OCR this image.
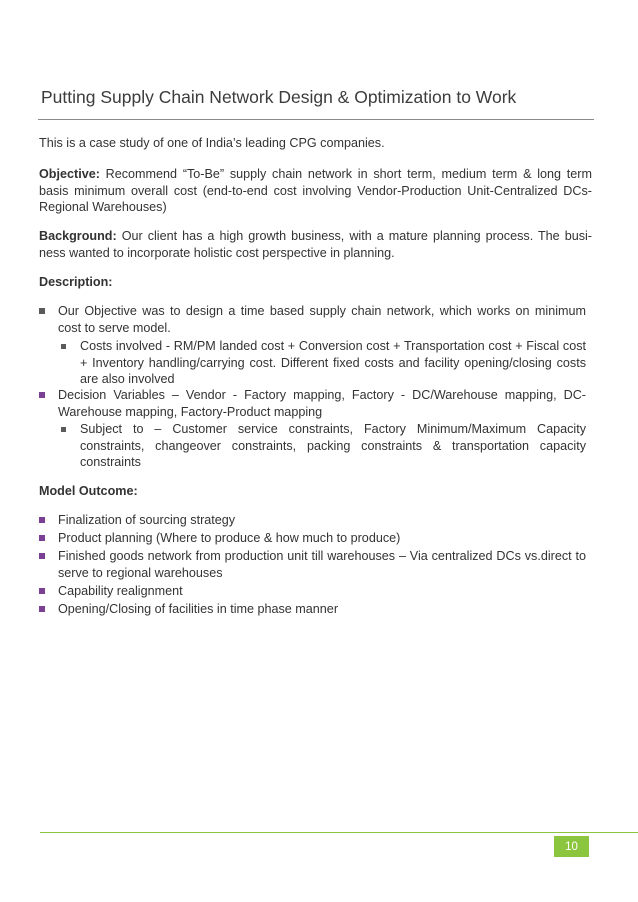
Putting Supply Chain Network Design & Optimization to Work
This is a case study of one of India’s leading CPG companies.
Objective: Recommend “To-Be” supply chain network in short term, medium term & long term basis minimum overall cost (end-to-end cost involving Vendor-Production Unit-Centralized DCs-Regional Warehouses)
Background: Our client has a high growth business, with a mature planning process. The busi-ness wanted to incorporate holistic cost perspective in planning.
Description:
Our Objective was to design a time based supply chain network, which works on minimum cost to serve model.
Costs involved - RM/PM landed cost + Conversion cost + Transportation cost + Fiscal cost + Inventory handling/carrying cost. Different fixed costs and facility opening/closing costs are also involved
Decision Variables – Vendor - Factory mapping, Factory - DC/Warehouse mapping, DC-Warehouse mapping, Factory-Product mapping
Subject to – Customer service constraints, Factory Minimum/Maximum Capacity constraints, changeover constraints, packing constraints & transportation capacity constraints
Model Outcome:
Finalization of sourcing strategy
Product planning (Where to produce & how much to produce)
Finished goods network from production unit till warehouses – Via centralized DCs vs.direct to serve to regional warehouses
Capability realignment
Opening/Closing of facilities in time phase manner
10
